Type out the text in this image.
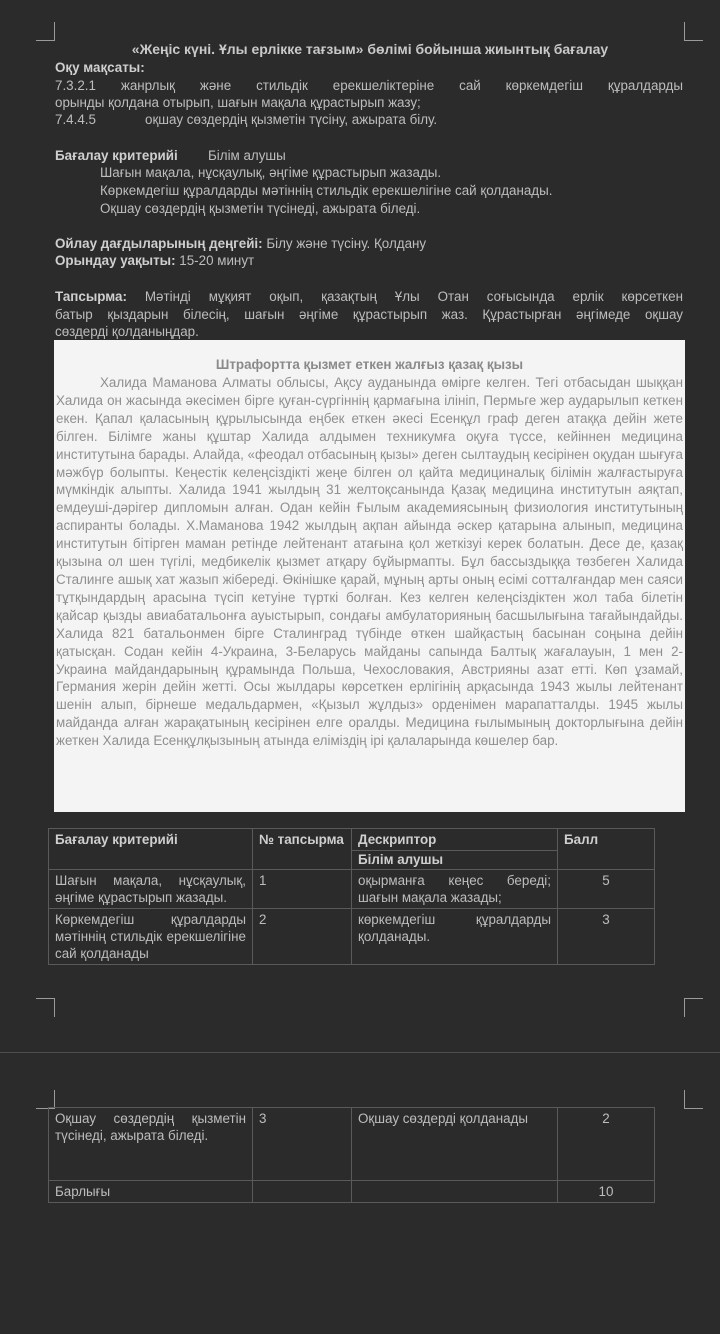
«Жеңіс күні. Ұлы ерлікке тағзым» бөлімі бойынша жиынтық бағалау
Оқу мақсаты:
7.3.2.1 жанрлық және стильдік ерекшеліктеріне сай көркемдегіш құралдарды
орынды қолдана отырып, шағын мақала құрастырып жазу;
7.4.4.5	оқшау сөздердің қызметін түсіну, ажырата білу.
Бағалау критерийі	Білім алушы
Шағын мақала, нұсқаулық, әңгіме құрастырып жазады.
Көркемдегіш құралдарды мәтіннің стильдік ерекшелігіне сай қолданады.
Оқшау сөздердің қызметін түсінеді, ажырата біледі.
Ойлау дағдыларының деңгейі: Білу және түсіну. Қолдану
Орындау уақыты: 15-20 минут
Тапсырма: Мәтінді мұқият оқып, қазақтың Ұлы Отан соғысында ерлік көрсеткен
батыр қыздарын білесің, шағын әңгіме құрастырып жаз. Құрастырған әңгімеде оқшау
сөздерді қолданыңдар.
Штрафортта қызмет еткен жалғыз қазақ қызы
Халида Маманова Алматы облысы, Ақсу ауданында өмірге келген. Тегі отбасыдан шыққан Халида он жасында әкесімен бірге қуған-сүргіннің қармағына ілініп, Пермьге жер аударылып кеткен екен. Қапал қаласының құрылысында еңбек еткен әкесі Есенқұл граф деген атаққа дейін жете білген. Білімге жаны құштар Халида алдымен техникумға оқуға түссе, кейіннен медицина институтына барады. Алайда, «феодал отбасының қызы» деген сылтаудың кесірінен оқудан шығуға мәжбүр болыпты. Кеңестік келеңсіздікті жеңе білген ол қайта медициналық білімін жалғастыруға мүмкіндік алыпты. Халида 1941 жылдың 31 желтоқсанында Қазақ медицина институтын аяқтап, емдеуші-дәрігер дипломын алған. Одан кейін Ғылым академиясының физиология институтының аспиранты болады. Х.Маманова 1942 жылдың ақпан айында әскер қатарына алынып, медицина институтын бітірген маман ретінде лейтенант атағына қол жеткізуі керек болатын. Десе де, қазақ қызына ол шен түгілі, медбикелік қызмет атқару бұйырмапты. Бұл бассыздыққа төзбеген Халида Сталинге ашық хат жазып жібереді. Өкінішке қарай, мұның арты оның есімі сотталғандар мен саяси тұтқындардың арасына түсіп кетуіне түрткі болған. Кез келген келеңсіздіктен жол таба білетін қайсар қызды авиабатальонға ауыстырып, сондағы амбулаторияның басшылығына тағайындайды. Халида 821 батальонмен бірге Сталинград түбінде өткен шайқастың басынан соңына дейін қатысқан. Содан кейін 4-Украина, 3-Беларусь майданы сапында Балтық жағалауын, 1 мен 2-Украина майдандарының құрамында Польша, Чехословакия, Австрияны азат етті. Көп ұзамай, Германия жерін дейін жетті. Осы жылдары көрсеткен ерлігінің арқасында 1943 жылы лейтенант шенін алып, бірнеше медальдармен, «Қызыл жұлдыз» орденімен марапатталды. 1945 жылы майданда алған жарақатының кесірінен елге оралды. Медицина ғылымының докторлығына дейін жеткен Халида Есенқұлқызының атында еліміздің ірі қалаларында көшелер бар.
Бағалау критерийі	№ тапсырма	Дескриптор	Балл
		Білім алушы	
Шағын мақала, нұсқаулық, әңгіме құрастырып жазады.	1	оқырманға кеңес береді; шағын мақала жазады;	5
Көркемдегіш құралдарды мәтіннің стильдік ерекшелігіне сай қолданады	2	көркемдегіш құралдарды қолданады.	3
Оқшау сөздердің қызметін түсінеді, ажырата біледі.	3	Оқшау сөздерді қолданады	2
Барлығы			10
